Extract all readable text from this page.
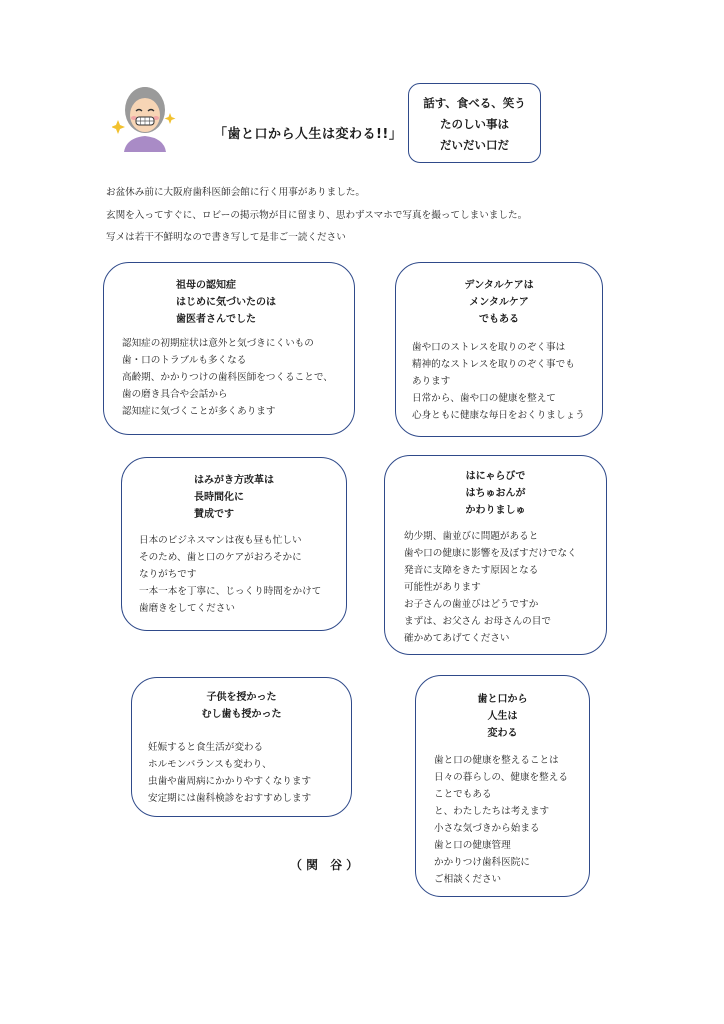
「歯と口から人生は変わる!!」
話す、食べる、笑う
たのしい事は
だいだい口だ
お盆休み前に大阪府歯科医師会館に行く用事がありました。
玄関を入ってすぐに、ロビーの掲示物が目に留まり、思わずスマホで写真を撮ってしまいました。
写メは若干不鮮明なので書き写して是非ご一読ください
祖母の認知症
はじめに気づいたのは
歯医者さんでした
認知症の初期症状は意外と気づきにくいもの
歯・口のトラブルも多くなる
高齢期、かかりつけの歯科医師をつくることで、
歯の磨き具合や会話から
認知症に気づくことが多くあります
デンタルケアは
メンタルケア
でもある
歯や口のストレスを取りのぞく事は
精神的なストレスを取りのぞく事でも
あります
日常から、歯や口の健康を整えて
心身ともに健康な毎日をおくりましょう
はみがき方改革は
長時間化に
賛成です
日本のビジネスマンは夜も昼も忙しい
そのため、歯と口のケアがおろそかに
なりがちです
一本一本を丁寧に、じっくり時間をかけて
歯磨きをしてください
はにゃらびで
はちゅおんが
かわりましゅ
幼少期、歯並びに問題があると
歯や口の健康に影響を及ぼすだけでなく
発音に支障をきたす原因となる
可能性があります
お子さんの歯並びはどうですか
まずは、お父さん お母さんの目で
確かめてあげてください
子供を授かった
むし歯も授かった
妊娠すると食生活が変わる
ホルモンバランスも変わり、
虫歯や歯周病にかかりやすくなります
安定期には歯科検診をおすすめします
歯と口から
人生は
変わる
歯と口の健康を整えることは
日々の暮らしの、健康を整える
ことでもある
と、わたしたちは考えます
小さな気づきから始まる
歯と口の健康管理
かかりつけ歯科医院に
ご相談ください
（関 谷）
